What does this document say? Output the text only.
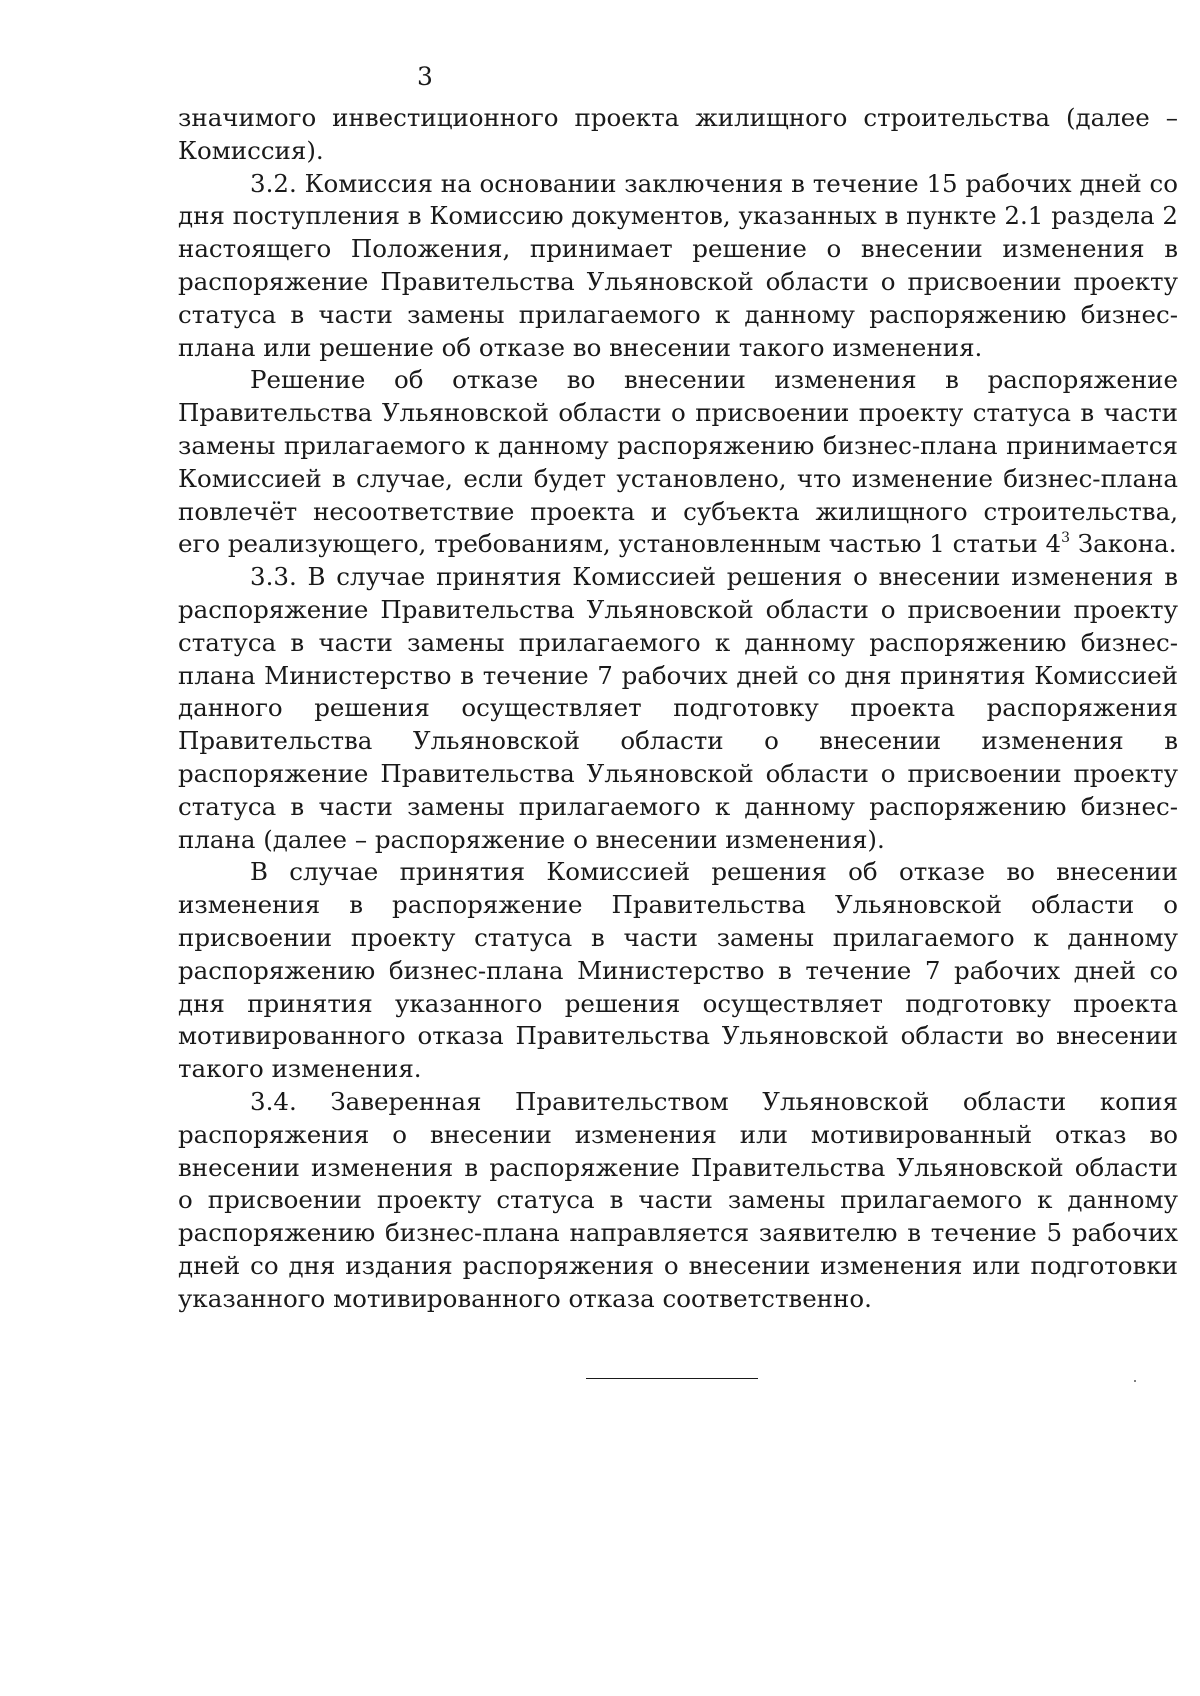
3

значимого инвестиционного проекта жилищного строительства (далее – Комиссия).

3.2. Комиссия на основании заключения в течение 15 рабочих дней со дня поступления в Комиссию документов, указанных в пункте 2.1 раздела 2 настоящего Положения, принимает решение о внесении изменения в распоряжение Правительства Ульяновской области о присвоении проекту статуса в части замены прилагаемого к данному распоряжению бизнес-плана или решение об отказе во внесении такого изменения.

Решение об отказе во внесении изменения в распоряжение Правительства Ульяновской области о присвоении проекту статуса в части замены прилагаемого к данному распоряжению бизнес-плана принимается Комиссией в случае, если будет установлено, что изменение бизнес-плана повлечёт несоответствие проекта и субъекта жилищного строительства, его реализующего, требованиям, установленным частью 1 статьи $4^3$ Закона.

3.3. В случае принятия Комиссией решения о внесении изменения в распоряжение Правительства Ульяновской области о присвоении проекту статуса в части замены прилагаемого к данному распоряжению бизнес-плана Министерство в течение 7 рабочих дней со дня принятия Комиссией данного решения осуществляет подготовку проекта распоряжения Правительства Ульяновской области о внесении изменения в распоряжение Правительства Ульяновской области о присвоении проекту статуса в части замены прилагаемого к данному распоряжению бизнес-плана (далее – распоряжение о внесении изменения).

В случае принятия Комиссией решения об отказе во внесении изменения в распоряжение Правительства Ульяновской области о присвоении проекту статуса в части замены прилагаемого к данному распоряжению бизнес-плана Министерство в течение 7 рабочих дней со дня принятия указанного решения осуществляет подготовку проекта мотивированного отказа Правительства Ульяновской области во внесении такого изменения.

3.4. Заверенная Правительством Ульяновской области копия распоряжения о внесении изменения или мотивированный отказ во внесении изменения в распоряжение Правительства Ульяновской области о присвоении проекту статуса в части замены прилагаемого к данному распоряжению бизнес-плана направляется заявителю в течение 5 рабочих дней со дня издания распоряжения о внесении изменения или подготовки указанного мотивированного отказа соответственно.
